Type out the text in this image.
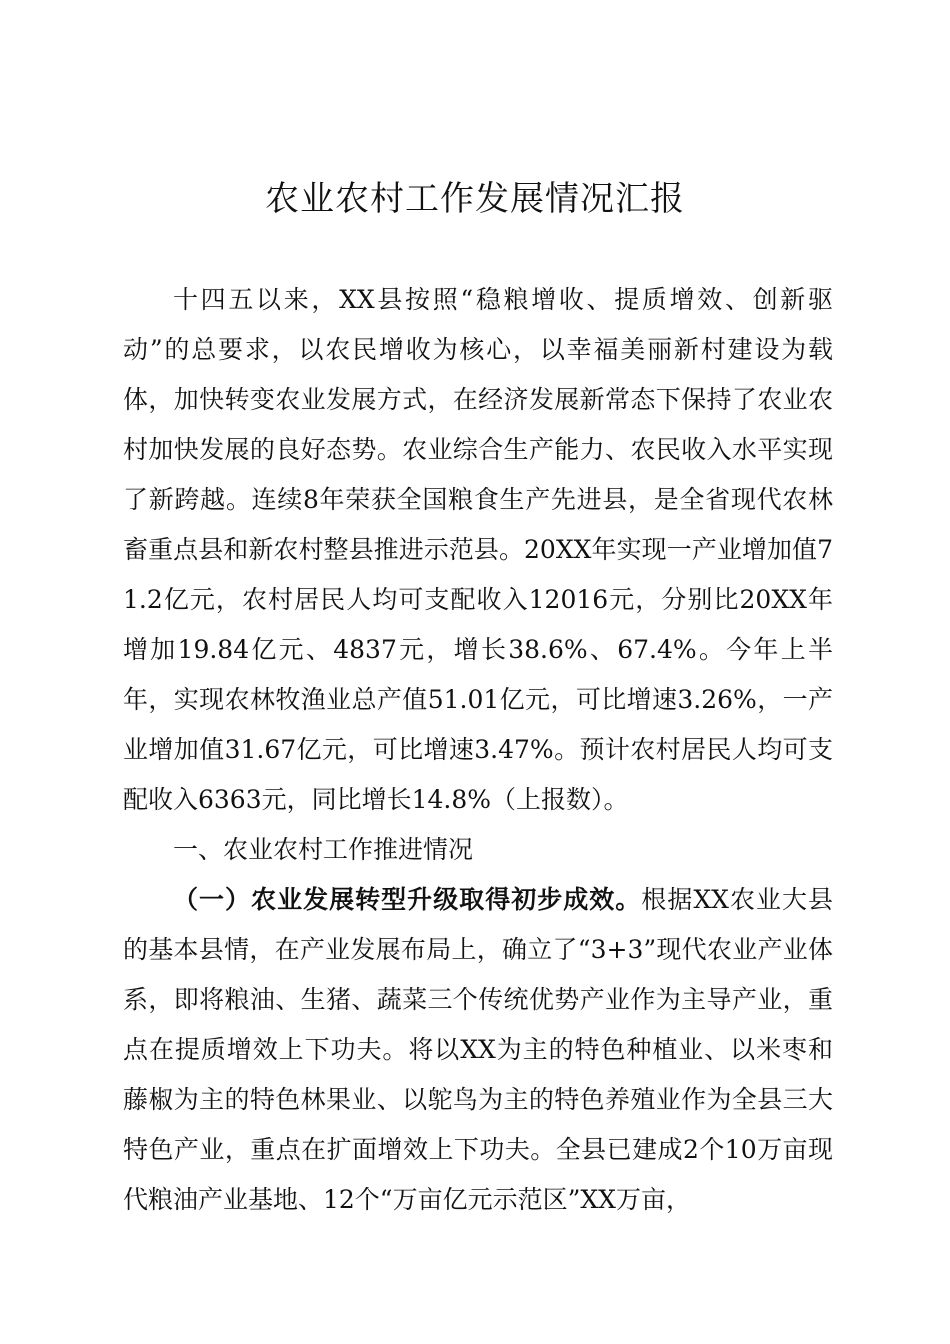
农业农村工作发展情况汇报

十四五以来，XX县按照“稳粮增收、提质增效、创新驱动”的总要求，以农民增收为核心，以幸福美丽新村建设为载体，加快转变农业发展方式，在经济发展新常态下保持了农业农村加快发展的良好态势。农业综合生产能力、农民收入水平实现了新跨越。连续8年荣获全国粮食生产先进县，是全省现代农林畜重点县和新农村整县推进示范县。20XX年实现一产业增加值71.2亿元，农村居民人均可支配收入12016元，分别比20XX年增加19.84亿元、4837元，增长38.6%、67.4%。今年上半年，实现农林牧渔业总产值51.01亿元，可比增速3.26%，一产业增加值31.67亿元，可比增速3.47%。预计农村居民人均可支配收入6363元，同比增长14.8%（上报数）。

一、农业农村工作推进情况

（一）农业发展转型升级取得初步成效。根据XX农业大县的基本县情，在产业发展布局上，确立了“3+3”现代农业产业体系，即将粮油、生猪、蔬菜三个传统优势产业作为主导产业，重点在提质增效上下功夫。将以XX为主的特色种植业、以米枣和藤椒为主的特色林果业、以鸵鸟为主的特色养殖业作为全县三大特色产业，重点在扩面增效上下功夫。全县已建成2个10万亩现代粮油产业基地、12个“万亩亿元示范区”XX万亩，
